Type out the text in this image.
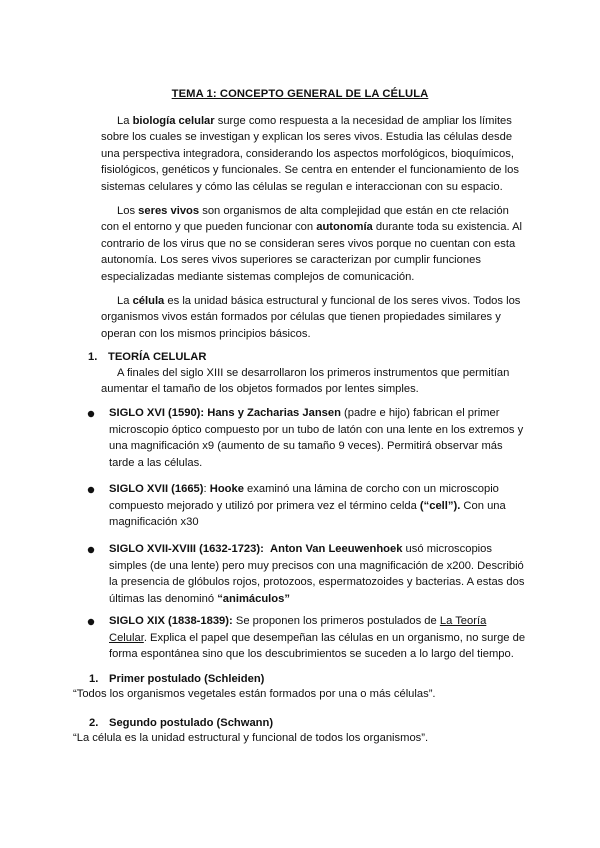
TEMA 1: CONCEPTO GENERAL DE LA CÉLULA

La biología celular surge como respuesta a la necesidad de ampliar los límites sobre los cuales se investigan y explican los seres vivos. Estudia las células desde una perspectiva integradora, considerando los aspectos morfológicos, bioquímicos, fisiológicos, genéticos y funcionales. Se centra en entender el funcionamiento de los sistemas celulares y cómo las células se regulan e interaccionan con su espacio.

Los seres vivos son organismos de alta complejidad que están en cte relación con el entorno y que pueden funcionar con autonomía durante toda su existencia. Al contrario de los virus que no se consideran seres vivos porque no cuentan con esta autonomía. Los seres vivos superiores se caracterizan por cumplir funciones especializadas mediante sistemas complejos de comunicación.

La célula es la unidad básica estructural y funcional de los seres vivos. Todos los organismos vivos están formados por células que tienen propiedades similares y operan con los mismos principios básicos.

1. TEORÍA CELULAR

A finales del siglo XIII se desarrollaron los primeros instrumentos que permitían aumentar el tamaño de los objetos formados por lentes simples.

SIGLO XVI (1590): Hans y Zacharias Jansen (padre e hijo) fabrican el primer microscopio óptico compuesto por un tubo de latón con una lente en los extremos y una magnificación x9 (aumento de su tamaño 9 veces). Permitirá observar más tarde a las células.

SIGLO XVII (1665): Hooke examinó una lámina de corcho con un microscopio compuesto mejorado y utilizó por primera vez el término celda (“cell”). Con una magnificación x30

SIGLO XVII-XVIII (1632-1723): Anton Van Leeuwenhoek usó microscopios simples (de una lente) pero muy precisos con una magnificación de x200. Describió la presencia de glóbulos rojos, protozoos, espermatozoides y bacterias. A estas dos últimas las denominó “animáculos”

SIGLO XIX (1838-1839): Se proponen los primeros postulados de La Teoría Celular. Explica el papel que desempeñan las células en un organismo, no surge de forma espontánea sino que los descubrimientos se suceden a lo largo del tiempo.

1. Primer postulado (Schleiden)

“Todos los organismos vegetales están formados por una o más células”.

2. Segundo postulado (Schwann)

“La célula es la unidad estructural y funcional de todos los organismos”.
